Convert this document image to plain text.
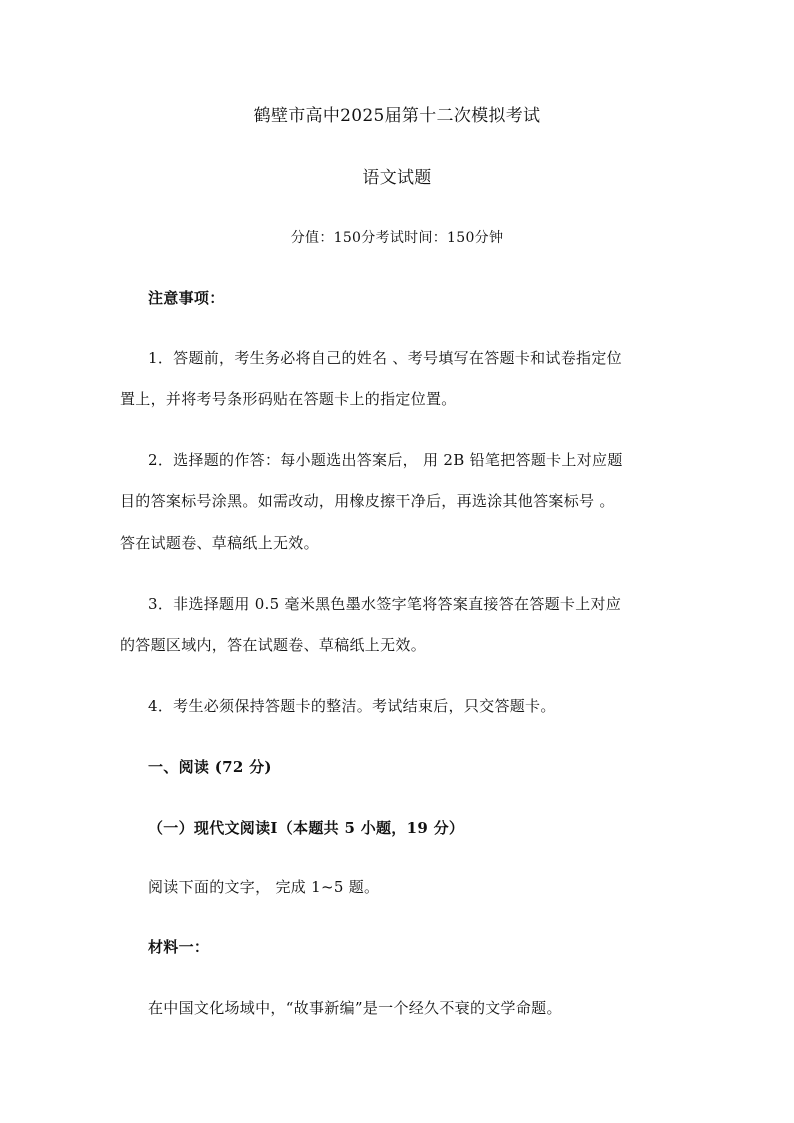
鹤壁市高中2025届第十二次模拟考试
语文试题
分值：150分考试时间：150分钟
注意事项：
1．答题前，考生务必将自己的姓名 、考号填写在答题卡和试卷指定位
置上，并将考号条形码贴在答题卡上的指定位置。
2．选择题的作答：每小题选出答案后， 用 2B 铅笔把答题卡上对应题
目的答案标号涂黑。如需改动，用橡皮擦干净后，再选涂其他答案标号 。
答在试题卷、草稿纸上无效。
3．非选择题用 0.5 毫米黑色墨水签字笔将答案直接答在答题卡上对应
的答题区域内，答在试题卷、草稿纸上无效。
4．考生必须保持答题卡的整洁。考试结束后，只交答题卡。
一、阅读 (72 分)
（一）现代文阅读Ⅰ（本题共 5 小题，19 分）
阅读下面的文字， 完成 1~5 题。
材料一：
在中国文化场域中，“故事新编”是一个经久不衰的文学命题。
